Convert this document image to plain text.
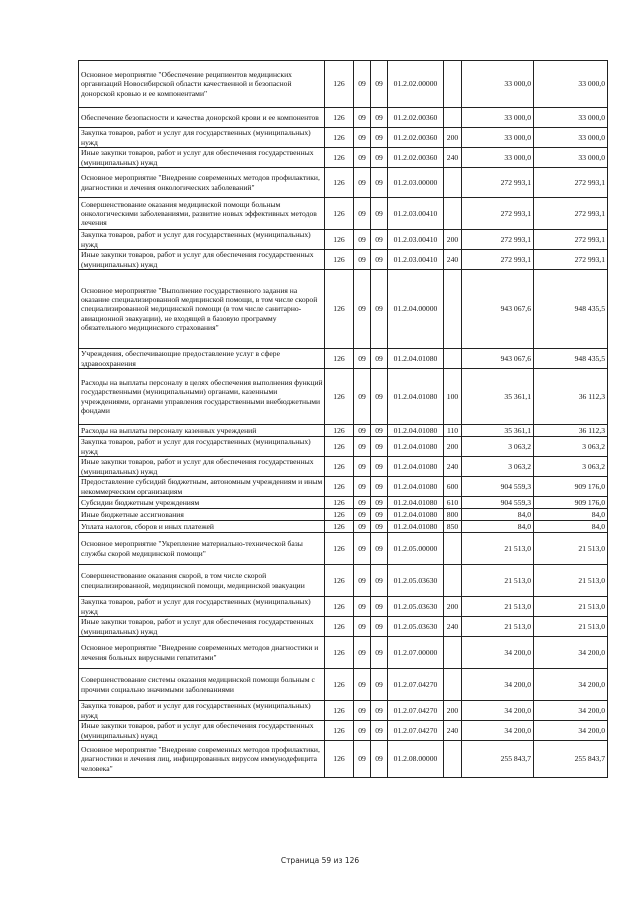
Основное мероприятие "Обеспечение реципиентов медицинских организаций Новосибирской области качественной и безопасной донорской кровью и ее компонентами"	126	09	09	01.2.02.00000		33 000,0	33 000,0
Обеспечение безопасности и качества донорской крови и ее компонентов	126	09	09	01.2.02.00360		33 000,0	33 000,0
Закупка товаров, работ и услуг для государственных (муниципальных) нужд	126	09	09	01.2.02.00360	200	33 000,0	33 000,0
Иные закупки товаров, работ и услуг для обеспечения государственных (муниципальных) нужд	126	09	09	01.2.02.00360	240	33 000,0	33 000,0
Основное мероприятие "Внедрение современных методов профилактики, диагностики и лечения онкологических заболеваний"	126	09	09	01.2.03.00000		272 993,1	272 993,1
Совершенствование оказания медицинской помощи больным онкологическими заболеваниями, развитие новых эффективных методов лечения	126	09	09	01.2.03.00410		272 993,1	272 993,1
Закупка товаров, работ и услуг для государственных (муниципальных) нужд	126	09	09	01.2.03.00410	200	272 993,1	272 993,1
Иные закупки товаров, работ и услуг для обеспечения государственных (муниципальных) нужд	126	09	09	01.2.03.00410	240	272 993,1	272 993,1
Основное мероприятие "Выполнение государственного задания на оказание специализированной медицинской помощи, в том числе скорой специализированной медицинской помощи (в том числе санитарно-авиационной эвакуации), не входящей в базовую программу обязательного медицинского страхования"	126	09	09	01.2.04.00000		943 067,6	948 435,5
Учреждения, обеспечивающие предоставление услуг в сфере здравоохранения	126	09	09	01.2.04.01080		943 067,6	948 435,5
Расходы на выплаты персоналу в целях обеспечения выполнения функций государственными (муниципальными) органами, казенными учреждениями, органами управления государственными внебюджетными фондами	126	09	09	01.2.04.01080	100	35 361,1	36 112,3
Расходы на выплаты персоналу казенных учреждений	126	09	09	01.2.04.01080	110	35 361,1	36 112,3
Закупка товаров, работ и услуг для государственных (муниципальных) нужд	126	09	09	01.2.04.01080	200	3 063,2	3 063,2
Иные закупки товаров, работ и услуг для обеспечения государственных (муниципальных) нужд	126	09	09	01.2.04.01080	240	3 063,2	3 063,2
Предоставление субсидий бюджетным, автономным учреждениям и иным некоммерческим организациям	126	09	09	01.2.04.01080	600	904 559,3	909 176,0
Субсидии бюджетным учреждениям	126	09	09	01.2.04.01080	610	904 559,3	909 176,0
Иные бюджетные ассигнования	126	09	09	01.2.04.01080	800	84,0	84,0
Уплата налогов, сборов и иных платежей	126	09	09	01.2.04.01080	850	84,0	84,0
Основное мероприятие "Укрепление материально-технической базы службы скорой медицинской помощи"	126	09	09	01.2.05.00000		21 513,0	21 513,0
Совершенствование оказания скорой, в том числе скорой специализированной, медицинской помощи, медицинской эвакуации	126	09	09	01.2.05.03630		21 513,0	21 513,0
Закупка товаров, работ и услуг для государственных (муниципальных) нужд	126	09	09	01.2.05.03630	200	21 513,0	21 513,0
Иные закупки товаров, работ и услуг для обеспечения государственных (муниципальных) нужд	126	09	09	01.2.05.03630	240	21 513,0	21 513,0
Основное мероприятие "Внедрение современных методов диагностики и лечения больных вирусными гепатитами"	126	09	09	01.2.07.00000		34 200,0	34 200,0
Совершенствование системы оказания медицинской помощи больным с прочими социально значимыми заболеваниями	126	09	09	01.2.07.04270		34 200,0	34 200,0
Закупка товаров, работ и услуг для государственных (муниципальных) нужд	126	09	09	01.2.07.04270	200	34 200,0	34 200,0
Иные закупки товаров, работ и услуг для обеспечения государственных (муниципальных) нужд	126	09	09	01.2.07.04270	240	34 200,0	34 200,0
Основное мероприятие "Внедрение современных методов профилактики, диагностики и лечения лиц, инфицированных вирусом иммунодефицита человека"	126	09	09	01.2.08.00000		255 843,7	255 843,7
Страница 59 из 126
